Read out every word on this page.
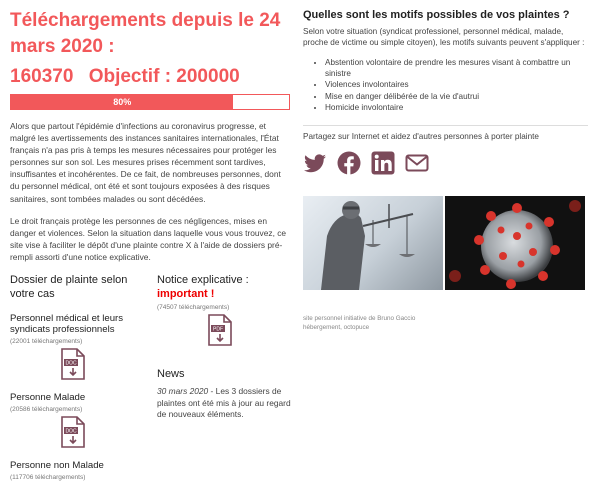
Téléchargements depuis le 24 mars 2020 :
160370 Objectif : 200000
80%

Alors que partout l'épidémie d'infections au coronavirus progresse, et malgré les avertissements des instances sanitaires internationales, l'État français n'a pas pris à temps les mesures nécessaires pour protéger les personnes sur son sol. Les mesures prises récemment sont tardives, insuffisantes et incohérentes. De ce fait, de nombreuses personnes, dont du personnel médical, ont été et sont toujours exposées à des risques sanitaires, sont tombées malades ou sont décédées.

Le droit français protège les personnes de ces négligences, mises en danger et violences. Selon la situation dans laquelle vous vous trouvez, ce site vise à faciliter le dépôt d'une plainte contre X à l'aide de dossiers pré-rempli assorti d'une notice explicative.

Dossier de plainte selon votre cas
Personnel médical et leurs syndicats professionnels
(22001 téléchargements)
DOC
Personne Malade
(20586 téléchargements)
DOC
Personne non Malade
(117706 téléchargements)
Notice explicative :
important !
(74507 téléchargements)
PDF
News

30 mars 2020 - Les 3 dossiers de plaintes ont été mis à jour au regard de nouveaux éléments.

Quelles sont les motifs possibles de vos plaintes ?

Selon votre situation (syndicat professionel, personnel médical, malade, proche de victime ou simple citoyen), les motifs suivants peuvent s'appliquer :

• Abstention volontaire de prendre les mesures visant à combattre un sinistre
• Violences involontaires
• Mise en danger délibérée de la vie d'autrui
• Homicide involontaire

Partagez sur Internet et aidez d'autres personnes à porter plainte

site personnel initiative de Bruno Gaccio
hébergement, octopuce
